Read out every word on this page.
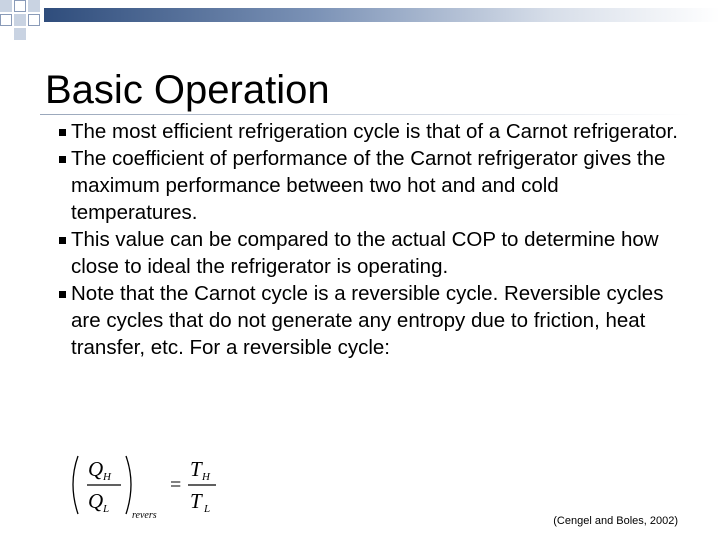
Basic Operation
The most efficient refrigeration cycle is that of a Carnot refrigerator.
The coefficient of performance of the Carnot refrigerator gives the maximum performance between two hot and and cold temperatures.
This value can be compared to the actual COP to determine how close to ideal the refrigerator is operating.
Note that the Carnot cycle is a reversible cycle. Reversible cycles are cycles that do not generate any entropy due to friction, heat transfer, etc. For a reversible cycle:
Q H
Q L
revers
=
T H
T L
(Cengel and Boles, 2002)
